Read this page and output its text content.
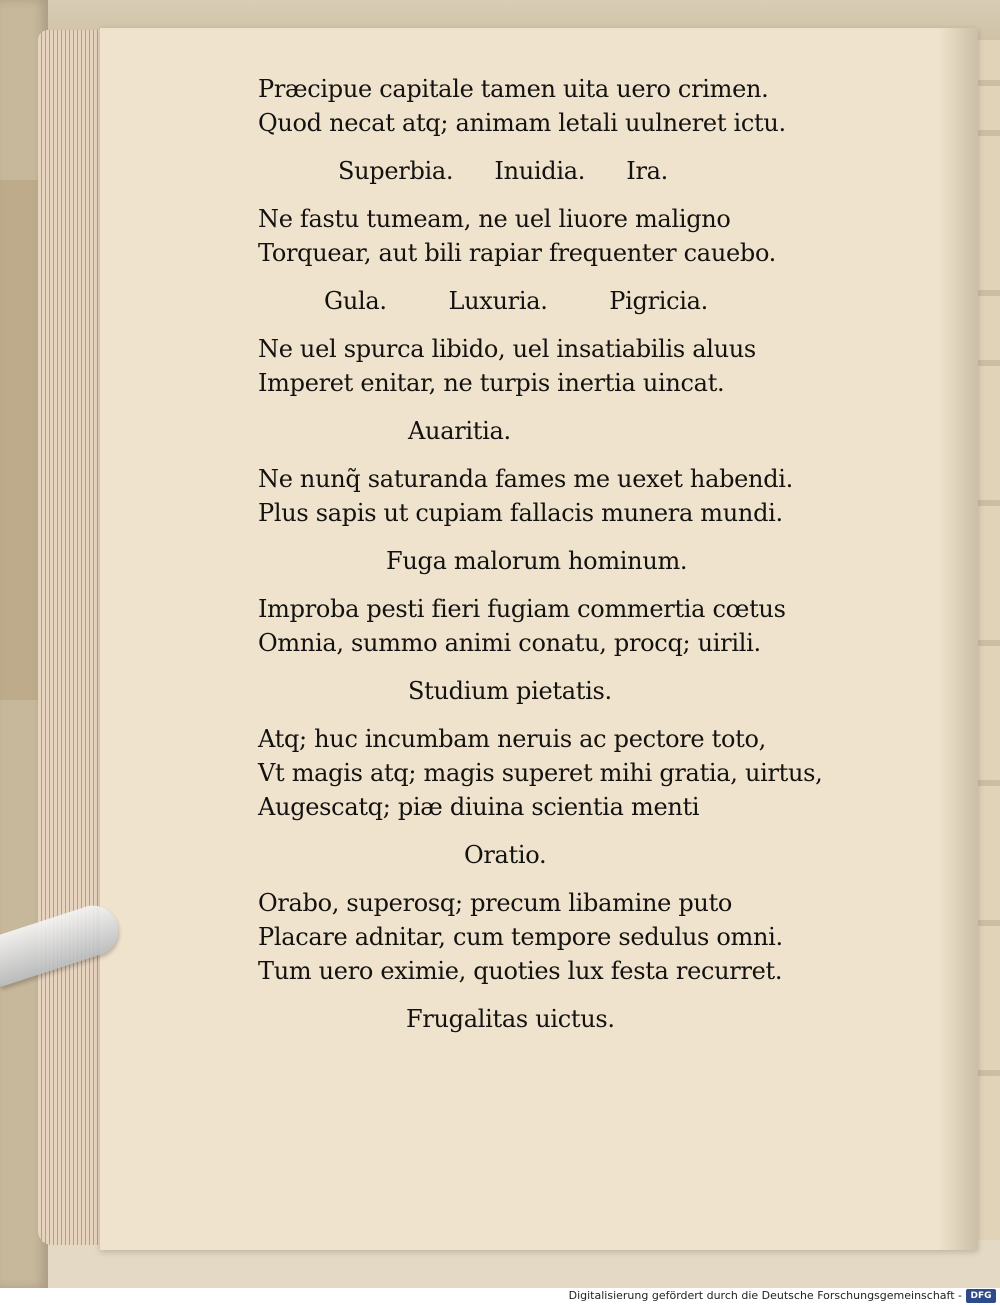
Præcipue capitale tamen uita uero crimen.
Quod necat atq; animam letali uulneret ictu.
Superbia. Inuidia. Ira.
Ne fastu tumeam, ne uel liuore maligno
Torquear, aut bili rapiar frequenter cauebo.
Gula.	Luxuria.	Pigricia.
Ne uel spurca libido, uel insatiabilis aluus
Imperet enitar, ne turpis inertia uincat.
Auaritia.
Ne nunq̃ saturanda fames me uexet habendi.
Plus sapis ut cupiam fallacis munera mundi.
Fuga malorum hominum.
Improba pesti fieri fugiam commertia cœtus
Omnia, summo animi conatu, procq; uirili.
Studium pietatis.
Atq; huc incumbam neruis ac pectore toto,
Vt magis atq; magis superet mihi gratia, uirtus,
Augescatq; piæ diuina scientia menti
Oratio.
Orabo, superosq; precum libamine puto
Placare adnitar, cum tempore sedulus omni.
Tum uero eximie, quoties lux festa recurret.
Frugalitas uictus.
Digitalisierung gefördert durch die Deutsche Forschungsgemeinschaft - DFG
